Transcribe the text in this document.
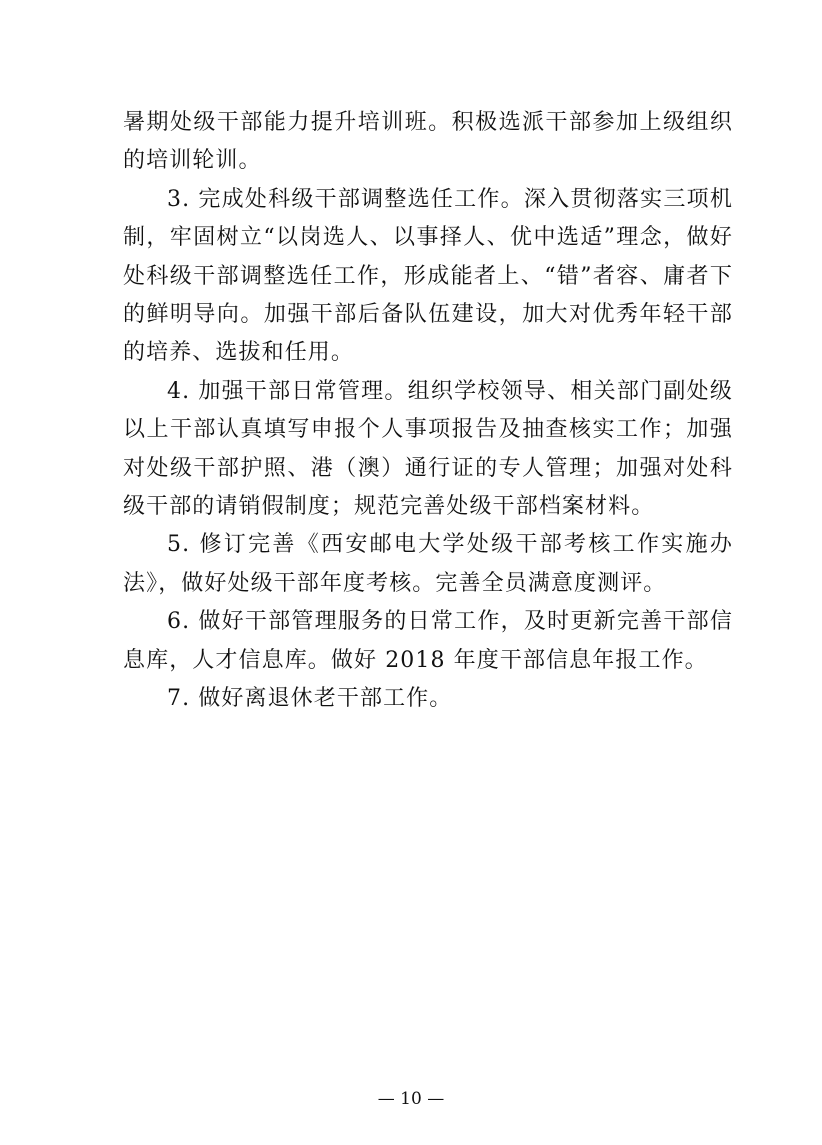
暑期处级干部能力提升培训班。积极选派干部参加上级组织的培训轮训。

3. 完成处科级干部调整选任工作。深入贯彻落实三项机制，牢固树立“以岗选人、以事择人、优中选适”理念，做好处科级干部调整选任工作，形成能者上、“错”者容、庸者下的鲜明导向。加强干部后备队伍建设，加大对优秀年轻干部的培养、选拔和任用。

4. 加强干部日常管理。组织学校领导、相关部门副处级以上干部认真填写申报个人事项报告及抽查核实工作；加强对处级干部护照、港（澳）通行证的专人管理；加强对处科级干部的请销假制度；规范完善处级干部档案材料。

5. 修订完善《西安邮电大学处级干部考核工作实施办法》，做好处级干部年度考核。完善全员满意度测评。

6. 做好干部管理服务的日常工作，及时更新完善干部信息库，人才信息库。做好 2018 年度干部信息年报工作。

7. 做好离退休老干部工作。

— 10 —
